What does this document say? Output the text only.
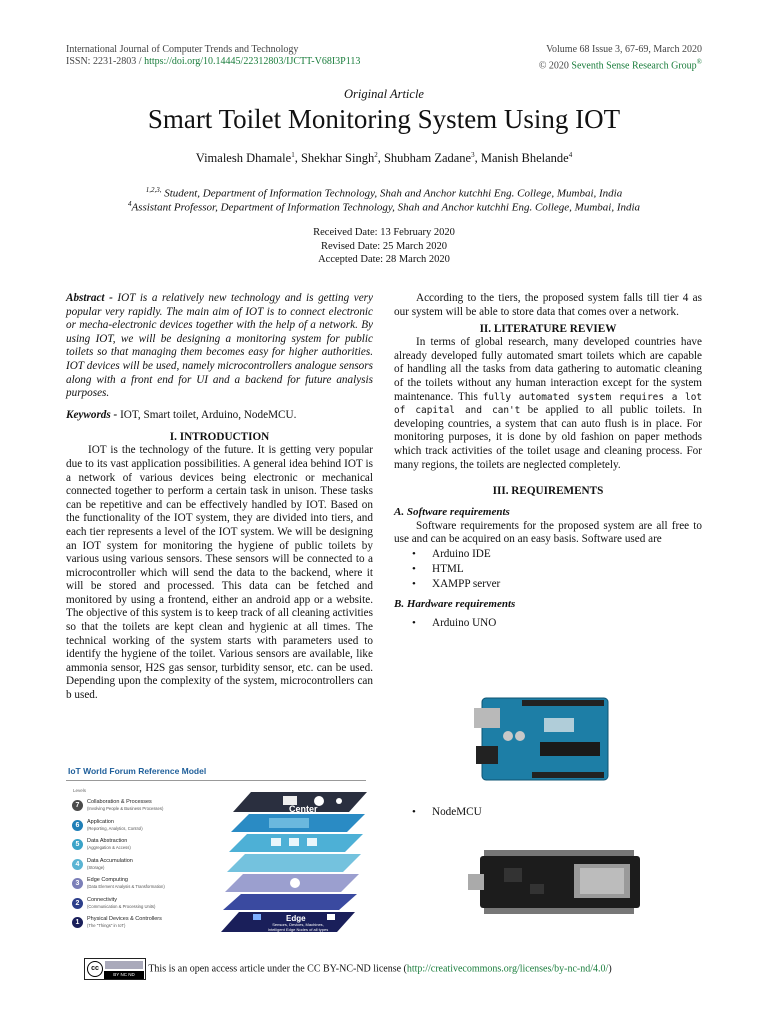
International Journal of Computer Trends and Technology
ISSN: 2231-2803 / https://doi.org/10.14445/22312803/IJCTT-V68I3P113
Volume 68 Issue 3, 67-69, March 2020
© 2020 Seventh Sense Research Group®
Original Article
Smart Toilet Monitoring System Using IOT
Vimalesh Dhamale$^1$, Shekhar Singh$^2$, Shubham Zadane$^3$, Manish Bhelande$^4$
$^{1,2,3,}$ Student, Department of Information Technology, Shah and Anchor kutchhi Eng. College, Mumbai, India
$^4$Assistant Professor, Department of Information Technology, Shah and Anchor kutchhi Eng. College, Mumbai, India
Received Date: 13 February 2020
Revised Date: 25 March 2020
Accepted Date: 28 March 2020

Abstract - IOT is a relatively new technology and is getting very popular very rapidly. The main aim of IOT is to connect electronic or mecha-electronic devices together with the help of a network. By using IOT, we will be designing a monitoring system for public toilets so that managing them becomes easy for higher authorities. IOT devices will be used, namely microcontrollers analogue sensors along with a front end for UI and a backend for future analysis purposes.

Keywords - IOT, Smart toilet, Arduino, NodeMCU.

I. INTRODUCTION

IOT is the technology of the future. It is getting very popular due to its vast application possibilities. A general idea behind IOT is a network of various devices being electronic or mechanical connected together to perform a certain task in unison. These tasks can be repetitive and can be effectively handled by IOT. Based on the functionality of the IOT system, they are divided into tiers, and each tier represents a level of the IOT system. We will be designing an IOT system for monitoring the hygiene of public toilets by various using various sensors. These sensors will be connected to a microcontroller which will send the data to the backend, where it will be stored and processed. This data can be fetched and monitored by using a frontend, either an android app or a website. The objective of this system is to keep track of all cleaning activities so that the toilets are kept clean and hygienic at all times. The technical working of the system starts with parameters used to identify the hygiene of the toilet. Various sensors are available, like ammonia sensor, H2S gas sensor, turbidity sensor, etc. can be used. Depending upon the complexity of the system, microcontrollers can b used.

IoT World Forum Reference Model
Levels
7	Collaboration & Processes
(Involving People & Business Processes)
6	Application
(Reporting, Analytics, Control)
5	Data Abstraction
(Aggregation & Access)
4	Data Accumulation
(Storage)
3	Edge Computing
(Data Element Analysis & Transformation)
2	Connectivity
(Communication & Processing Units)
1	Physical Devices & Controllers
(The "Things" in IoT)
Center
Edge
Sensors, Devices, Machines,
Intelligent Edge Nodes of all types

According to the tiers, the proposed system falls till tier 4 as our system will be able to store data that comes over a network.

II. LITERATURE REVIEW

In terms of global research, many developed countries have already developed fully automated smart toilets which are capable of handling all the tasks from data gathering to automatic cleaning of the toilets without any human interaction except for the system maintenance. This fully automated system requires a lot of capital and can't be applied to all public toilets. In developing countries, a system that can auto flush is in place. For monitoring purposes, it is done by old fashion on paper methods which track activities of the toilet usage and cleaning process. For many regions, the toilets are neglected completely.

III. REQUIREMENTS

A. Software requirements

Software requirements for the proposed system are all free to use and can be acquired on an easy basis. Software used are

• Arduino IDE
• HTML
• XAMPP server

B. Hardware requirements

• Arduino UNO
• NodeMCU
cc
BY NC ND
This is an open access article under the CC BY-NC-ND license (http://creativecommons.org/licenses/by-nc-nd/4.0/)
